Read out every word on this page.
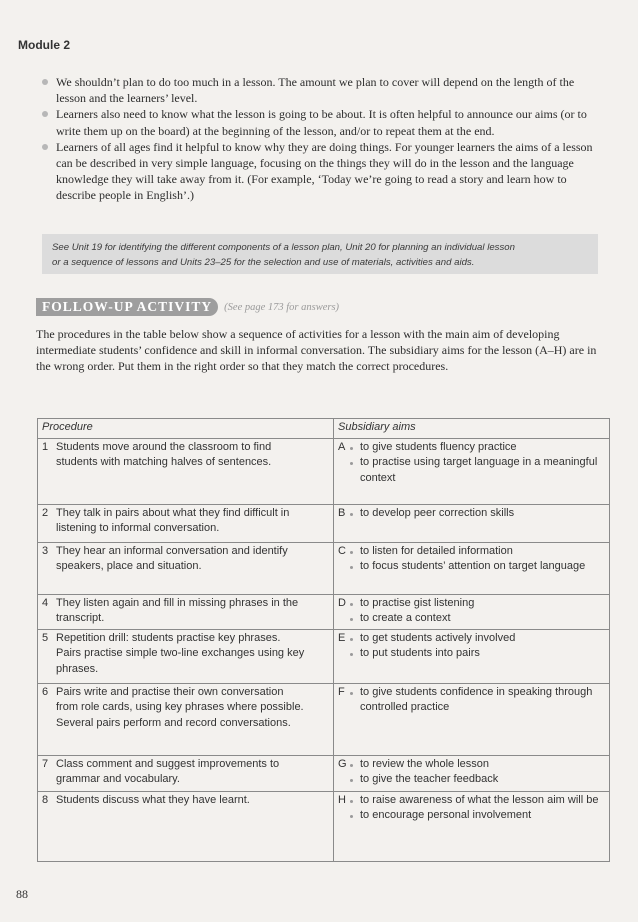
Module 2
We shouldn’t plan to do too much in a lesson. The amount we plan to cover will depend on the length of the lesson and the learners’ level.
Learners also need to know what the lesson is going to be about. It is often helpful to announce our aims (or to write them up on the board) at the beginning of the lesson, and/or to repeat them at the end.
Learners of all ages find it helpful to know why they are doing things. For younger learners the aims of a lesson can be described in very simple language, focusing on the things they will do in the lesson and the language knowledge they will take away from it. (For example, ‘Today we’re going to read a story and learn how to describe people in English’.)
See Unit 19 for identifying the different components of a lesson plan, Unit 20 for planning an individual lesson
or a sequence of lessons and Units 23–25 for the selection and use of materials, activities and aids.
FOLLOW-UP ACTIVITY	(See page 173 for answers)

The procedures in the table below show a sequence of activities for a lesson with the main aim of developing intermediate students’ confidence and skill in informal conversation. The subsidiary aims for the lesson (A–H) are in the wrong order. Put them in the right order so that they match the correct procedures.

Procedure	Subsidiary aims
1 Students move around the classroom to find students with matching halves of sentences.	A to give students fluency practice
to practise using target language in a meaningful context

2 They talk in pairs about what they find difficult in listening to informal conversation.	B to develop peer correction skills

3 They hear an informal conversation and identify speakers, place and situation.	C to listen for detailed information
to focus students’ attention on target language

4 They listen again and fill in missing phrases in the transcript.	D to practise gist listening
to create a context

5 Repetition drill: students practise key phrases. Pairs practise simple two-line exchanges using key phrases.	E to get students actively involved
to put students into pairs

6 Pairs write and practise their own conversation from role cards, using key phrases where possible. Several pairs perform and record conversations.	F to give students confidence in speaking through controlled practice

7 Class comment and suggest improvements to grammar and vocabulary.	G to review the whole lesson
to give the teacher feedback

8 Students discuss what they have learnt.	H to raise awareness of what the lesson aim will be
to encourage personal involvement
88
